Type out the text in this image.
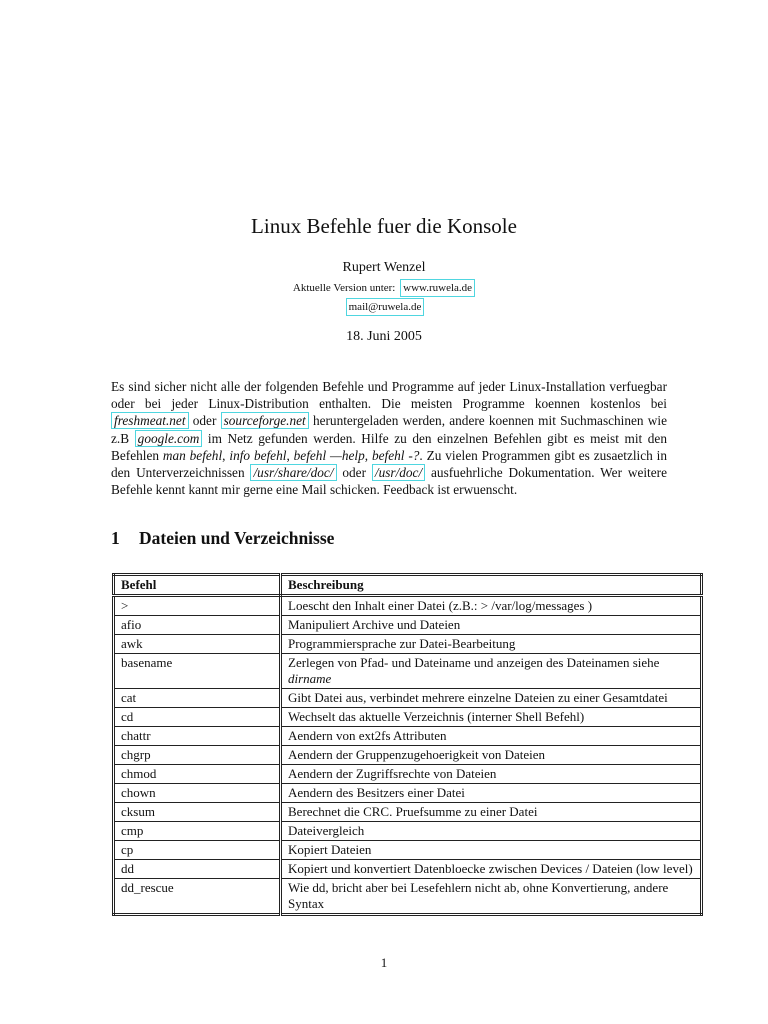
Linux Befehle fuer die Konsole
Rupert Wenzel
Aktuelle Version unter: www.ruwela.de
mail@ruwela.de
18. Juni 2005
Es sind sicher nicht alle der folgenden Befehle und Programme auf jeder Linux-Installation verfuegbar oder bei jeder Linux-Distribution enthalten. Die meisten Programme koennen kostenlos bei freshmeat.net oder sourceforge.net heruntergeladen werden, andere koennen mit Suchmaschinen wie z.B google.com im Netz gefunden werden. Hilfe zu den einzelnen Befehlen gibt es meist mit den Befehlen man befehl, info befehl, befehl —help, befehl -?. Zu vielen Programmen gibt es zusaetzlich in den Unterverzeichnissen /usr/share/doc/ oder /usr/doc/ ausfuehrliche Dokumentation. Wer weitere Befehle kennt kannt mir gerne eine Mail schicken. Feedback ist erwuenscht.
1 Dateien und Verzeichnisse
Befehl	Beschreibung
>	Loescht den Inhalt einer Datei (z.B.: > /var/log/messages )
afio	Manipuliert Archive und Dateien
awk	Programmiersprache zur Datei-Bearbeitung
basename	Zerlegen von Pfad- und Dateiname und anzeigen des Dateinamen siehe dirname
cat	Gibt Datei aus, verbindet mehrere einzelne Dateien zu einer Gesamtdatei
cd	Wechselt das aktuelle Verzeichnis (interner Shell Befehl)
chattr	Aendern von ext2fs Attributen
chgrp	Aendern der Gruppenzugehoerigkeit von Dateien
chmod	Aendern der Zugriffsrechte von Dateien
chown	Aendern des Besitzers einer Datei
cksum	Berechnet die CRC. Pruefsumme zu einer Datei
cmp	Dateivergleich
cp	Kopiert Dateien
dd	Kopiert und konvertiert Datenbloecke zwischen Devices / Dateien (low level)
dd_rescue	Wie dd, bricht aber bei Lesefehlern nicht ab, ohne Konvertierung, andere Syntax
1
